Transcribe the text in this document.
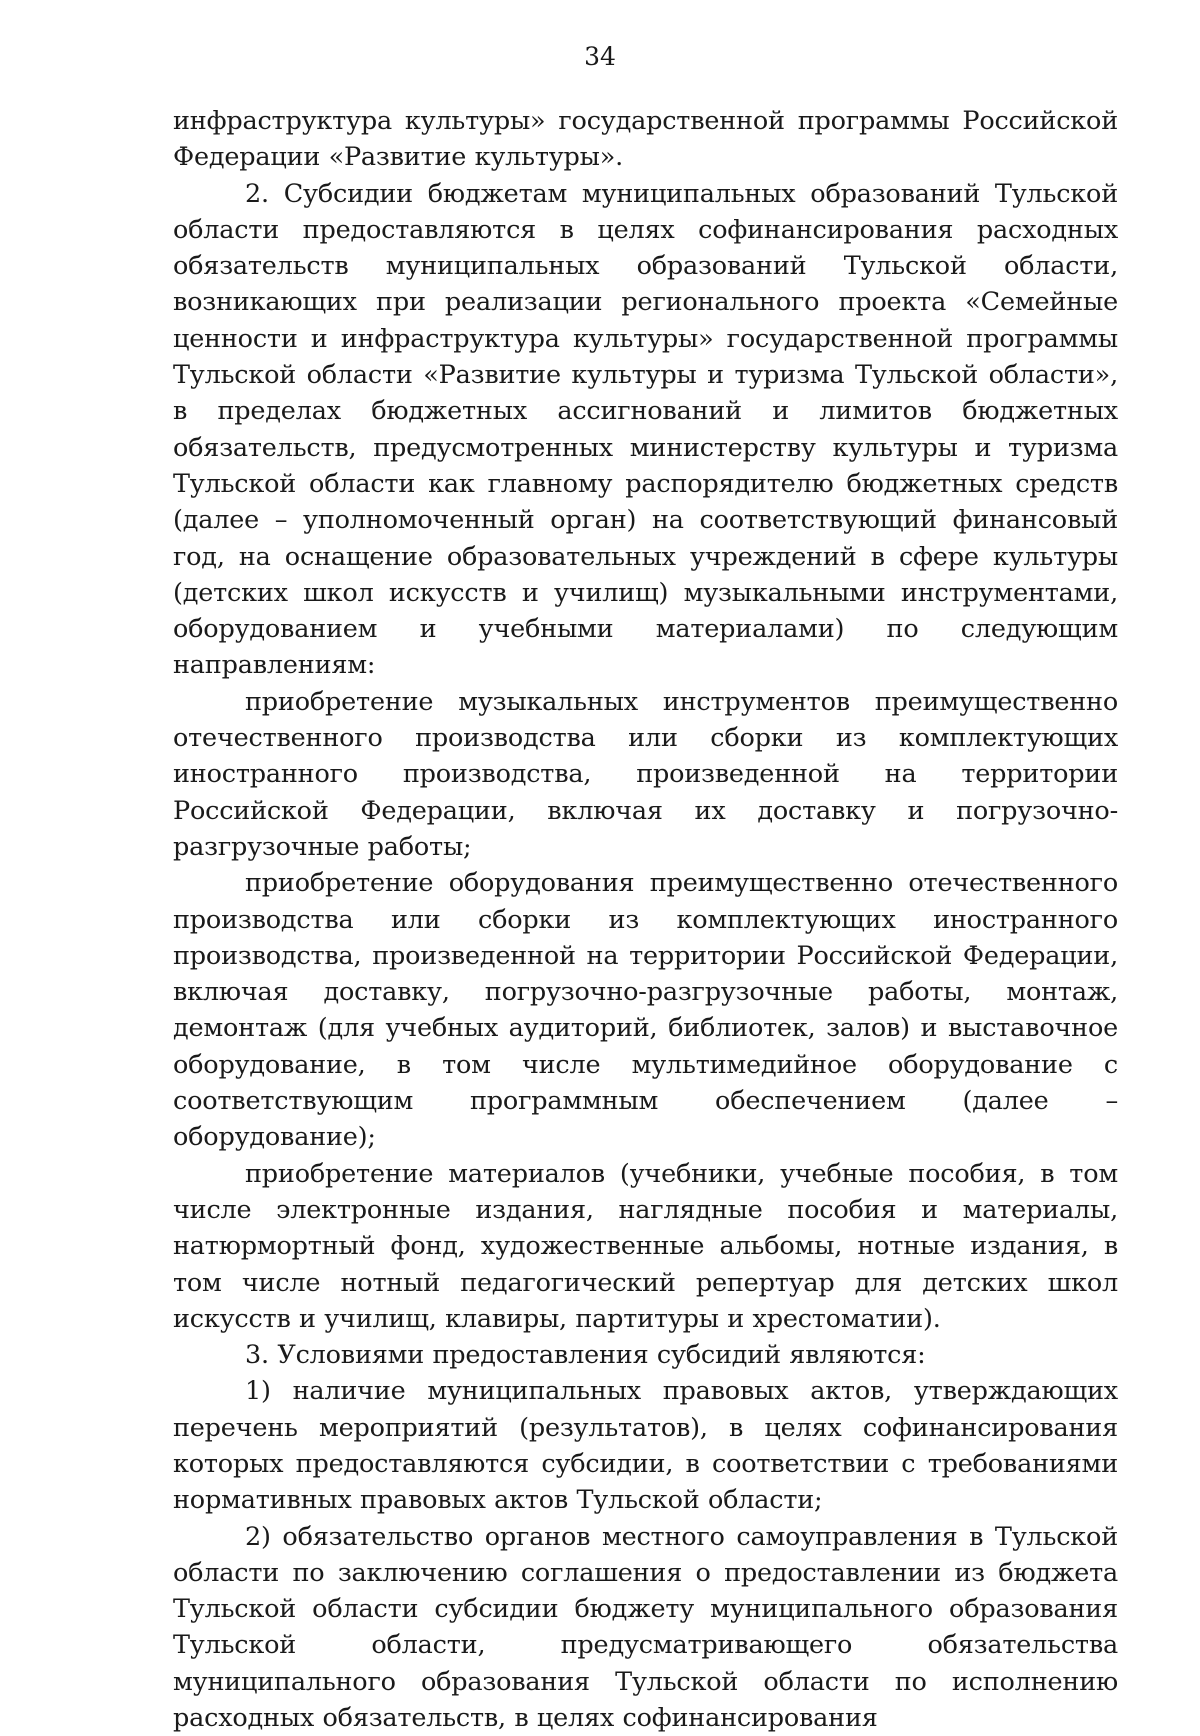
34

инфраструктура культуры» государственной программы Российской Федерации «Развитие культуры».

2. Субсидии бюджетам муниципальных образований Тульской области предоставляются в целях софинансирования расходных обязательств муниципальных образований Тульской области, возникающих при реализации регионального проекта «Семейные ценности и инфраструктура культуры» государственной программы Тульской области «Развитие культуры и туризма Тульской области», в пределах бюджетных ассигнований и лимитов бюджетных обязательств, предусмотренных министерству культуры и туризма Тульской области как главному распорядителю бюджетных средств (далее – уполномоченный орган) на соответствующий финансовый год, на оснащение образовательных учреждений в сфере культуры (детских школ искусств и училищ) музыкальными инструментами, оборудованием и учебными материалами) по следующим направлениям:

приобретение музыкальных инструментов преимущественно отечественного производства или сборки из комплектующих иностранного производства, произведенной на территории Российской Федерации, включая их доставку и погрузочно-разгрузочные работы;

приобретение оборудования преимущественно отечественного производства или сборки из комплектующих иностранного производства, произведенной на территории Российской Федерации, включая доставку, погрузочно-разгрузочные работы, монтаж, демонтаж (для учебных аудиторий, библиотек, залов) и выставочное оборудование, в том числе мультимедийное оборудование с соответствующим программным обеспечением (далее – оборудование);

приобретение материалов (учебники, учебные пособия, в том числе электронные издания, наглядные пособия и материалы, натюрмортный фонд, художественные альбомы, нотные издания, в том числе нотный педагогический репертуар для детских школ искусств и училищ, клавиры, партитуры и хрестоматии).

3. Условиями предоставления субсидий являются:

1) наличие муниципальных правовых актов, утверждающих перечень мероприятий (результатов), в целях софинансирования которых предоставляются субсидии, в соответствии с требованиями нормативных правовых актов Тульской области;

2) обязательство органов местного самоуправления в Тульской области по заключению соглашения о предоставлении из бюджета Тульской области субсидии бюджету муниципального образования Тульской области, предусматривающего обязательства муниципального образования Тульской области по исполнению расходных обязательств, в целях софинансирования
